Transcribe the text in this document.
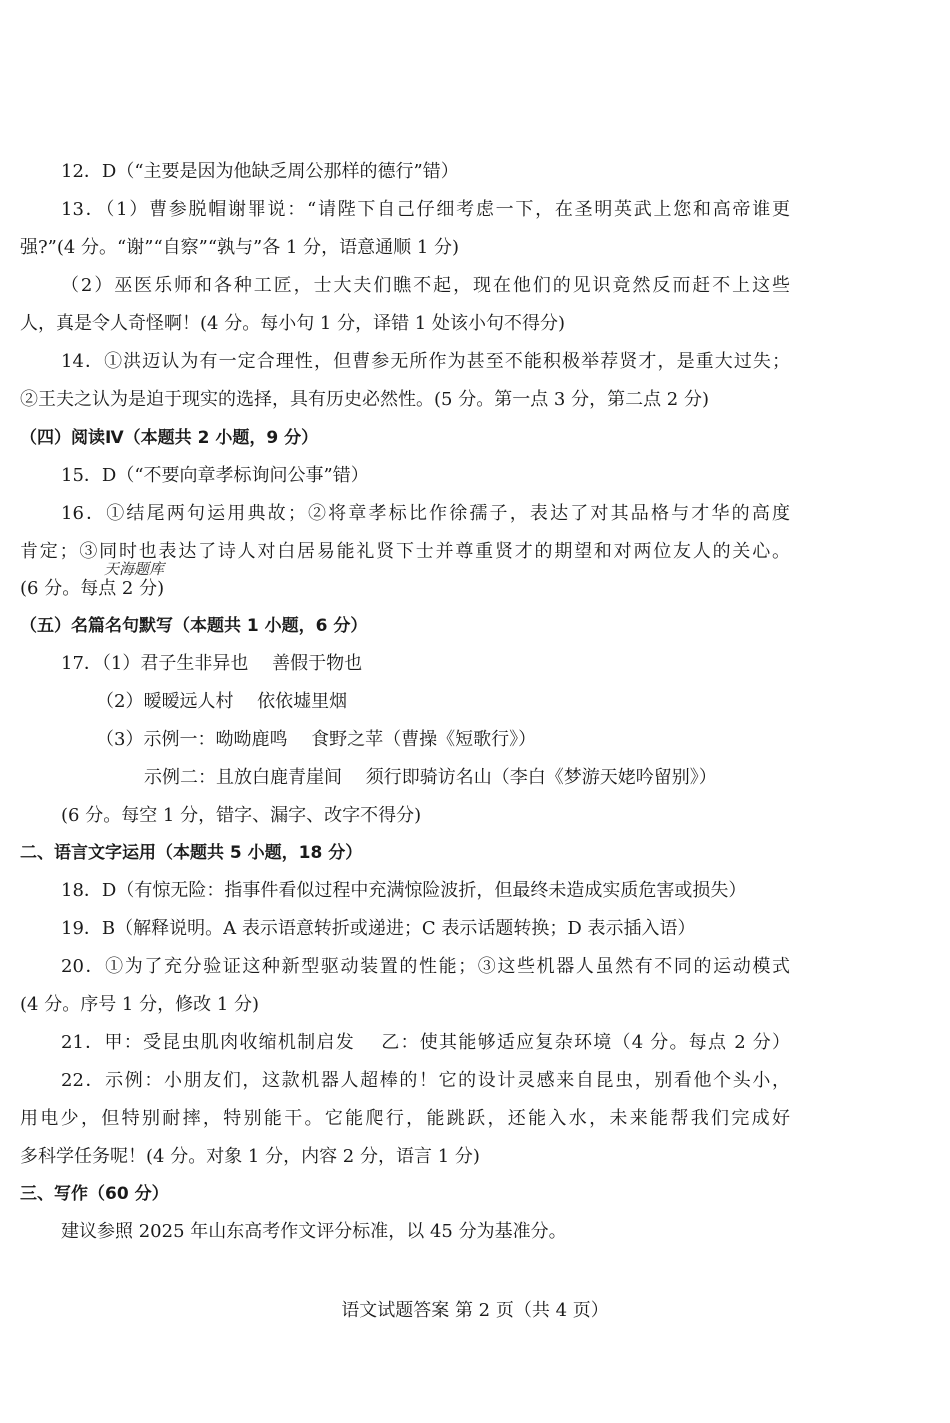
12．D（“主要是因为他缺乏周公那样的德行”错）
13．（1）曹参脱帽谢罪说：“请陛下自己仔细考虑一下，在圣明英武上您和高帝谁更
强?”(4 分。“谢”“自察”“孰与”各 1 分，语意通顺 1 分)
（2）巫医乐师和各种工匠，士大夫们瞧不起，现在他们的见识竟然反而赶不上这些
人，真是令人奇怪啊！(4 分。每小句 1 分，译错 1 处该小句不得分)
14．①洪迈认为有一定合理性，但曹参无所作为甚至不能积极举荐贤才，是重大过失；
②王夫之认为是迫于现实的选择，具有历史必然性。(5 分。第一点 3 分，第二点 2 分)
（四）阅读Ⅳ（本题共 2 小题，9 分）
15．D（“不要向章孝标询问公事”错）
16．①结尾两句运用典故；②将章孝标比作徐孺子，表达了对其品格与才华的高度
肯定；③同时也表达了诗人对白居易能礼贤下士并尊重贤才的期望和对两位友人的关心。
天海题库
(6 分。每点 2 分)
（五）名篇名句默写（本题共 1 小题，6 分）
17．（1）君子生非异也　 善假于物也
（2）暧暧远人村　 依依墟里烟
（3）示例一：呦呦鹿鸣　 食野之苹（曹操《短歌行》）
示例二：且放白鹿青崖间　 须行即骑访名山（李白《梦游天姥吟留别》）
(6 分。每空 1 分，错字、漏字、改字不得分)
二、语言文字运用（本题共 5 小题，18 分）
18．D（有惊无险：指事件看似过程中充满惊险波折，但最终未造成实质危害或损失）
19．B（解释说明。A 表示语意转折或递进；C 表示话题转换；D 表示插入语）
20．①为了充分验证这种新型驱动装置的性能；③这些机器人虽然有不同的运动模式
(4 分。序号 1 分，修改 1 分)
21．甲：受昆虫肌肉收缩机制启发　 乙：使其能够适应复杂环境（4 分。每点 2 分）
22．示例：小朋友们，这款机器人超棒的！它的设计灵感来自昆虫，别看他个头小，
用电少，但特别耐摔，特别能干。它能爬行，能跳跃，还能入水，未来能帮我们完成好
多科学任务呢！(4 分。对象 1 分，内容 2 分，语言 1 分)
三、写作（60 分）
建议参照 2025 年山东高考作文评分标准，以 45 分为基准分。
语文试题答案 第 2 页（共 4 页）
